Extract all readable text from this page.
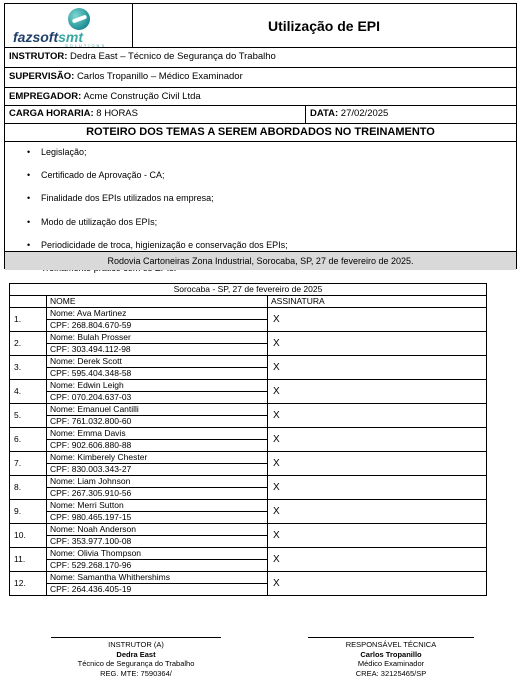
fazsoftsmt
SOLUTIONS
Utilização de EPI
INSTRUTOR: Dedra East – Técnico de Segurança do Trabalho
SUPERVISÃO: Carlos Tropanillo – Médico Examinador
EMPREGADOR: Acme Construção Civil Ltda
CARGA HORARIA: 8 HORAS	DATA: 27/02/2025
ROTEIRO DOS TEMAS A SEREM ABORDADOS NO TREINAMENTO
• Legislação;
• Certificado de Aprovação - CA;
• Finalidade dos EPIs utilizados na empresa;
• Modo de utilização dos EPIs;
• Periodicidade de troca, higienização e conservação dos EPIs;
•
Rodovia Cartoneiras Zona Industrial, Sorocaba, SP, 27 de fevereiro de 2025.
Sorocaba - SP, 27 de fevereiro de 2025		
	NOME	ASSINATURA
1.	Nome: Ava Martinez	X
	CPF: 268.804.670-59	
2.	Nome: Bulah Prosser	X
	CPF: 303.494.112-98	
3.	Nome: Derek Scott	X
	CPF: 595.404.348-58	
4.	Nome: Edwin Leigh	X
	CPF: 070.204.637-03	
5.	Nome: Emanuel Cantilli	X
	CPF: 761.032.800-60	
6.	Nome: Emma Davis	X
	CPF: 902.606.880-88	
7.	Nome: Kimberely Chester	X
	CPF: 830.003.343-27	
8.	Nome: Liam Johnson	X
	CPF: 267.305.910-56	
9.	Nome: Merri Sutton	X
	CPF: 980.465.197-15	
10.	Nome: Noah Anderson	X
	CPF: 353.977.100-08	
11.	Nome: Olivia Thompson	X
	CPF: 529.268.170-96	
12.	Nome: Samantha Whithershims	X
	CPF: 264.436.405-19	
INSTRUTOR (A)
Dedra East
Técnico de Segurança do Trabalho
REG. MTE: 7590364/
RESPONSÁVEL TÉCNICA
Carlos Tropanillo
Médico Examinador
CREA: 32125465/SP
